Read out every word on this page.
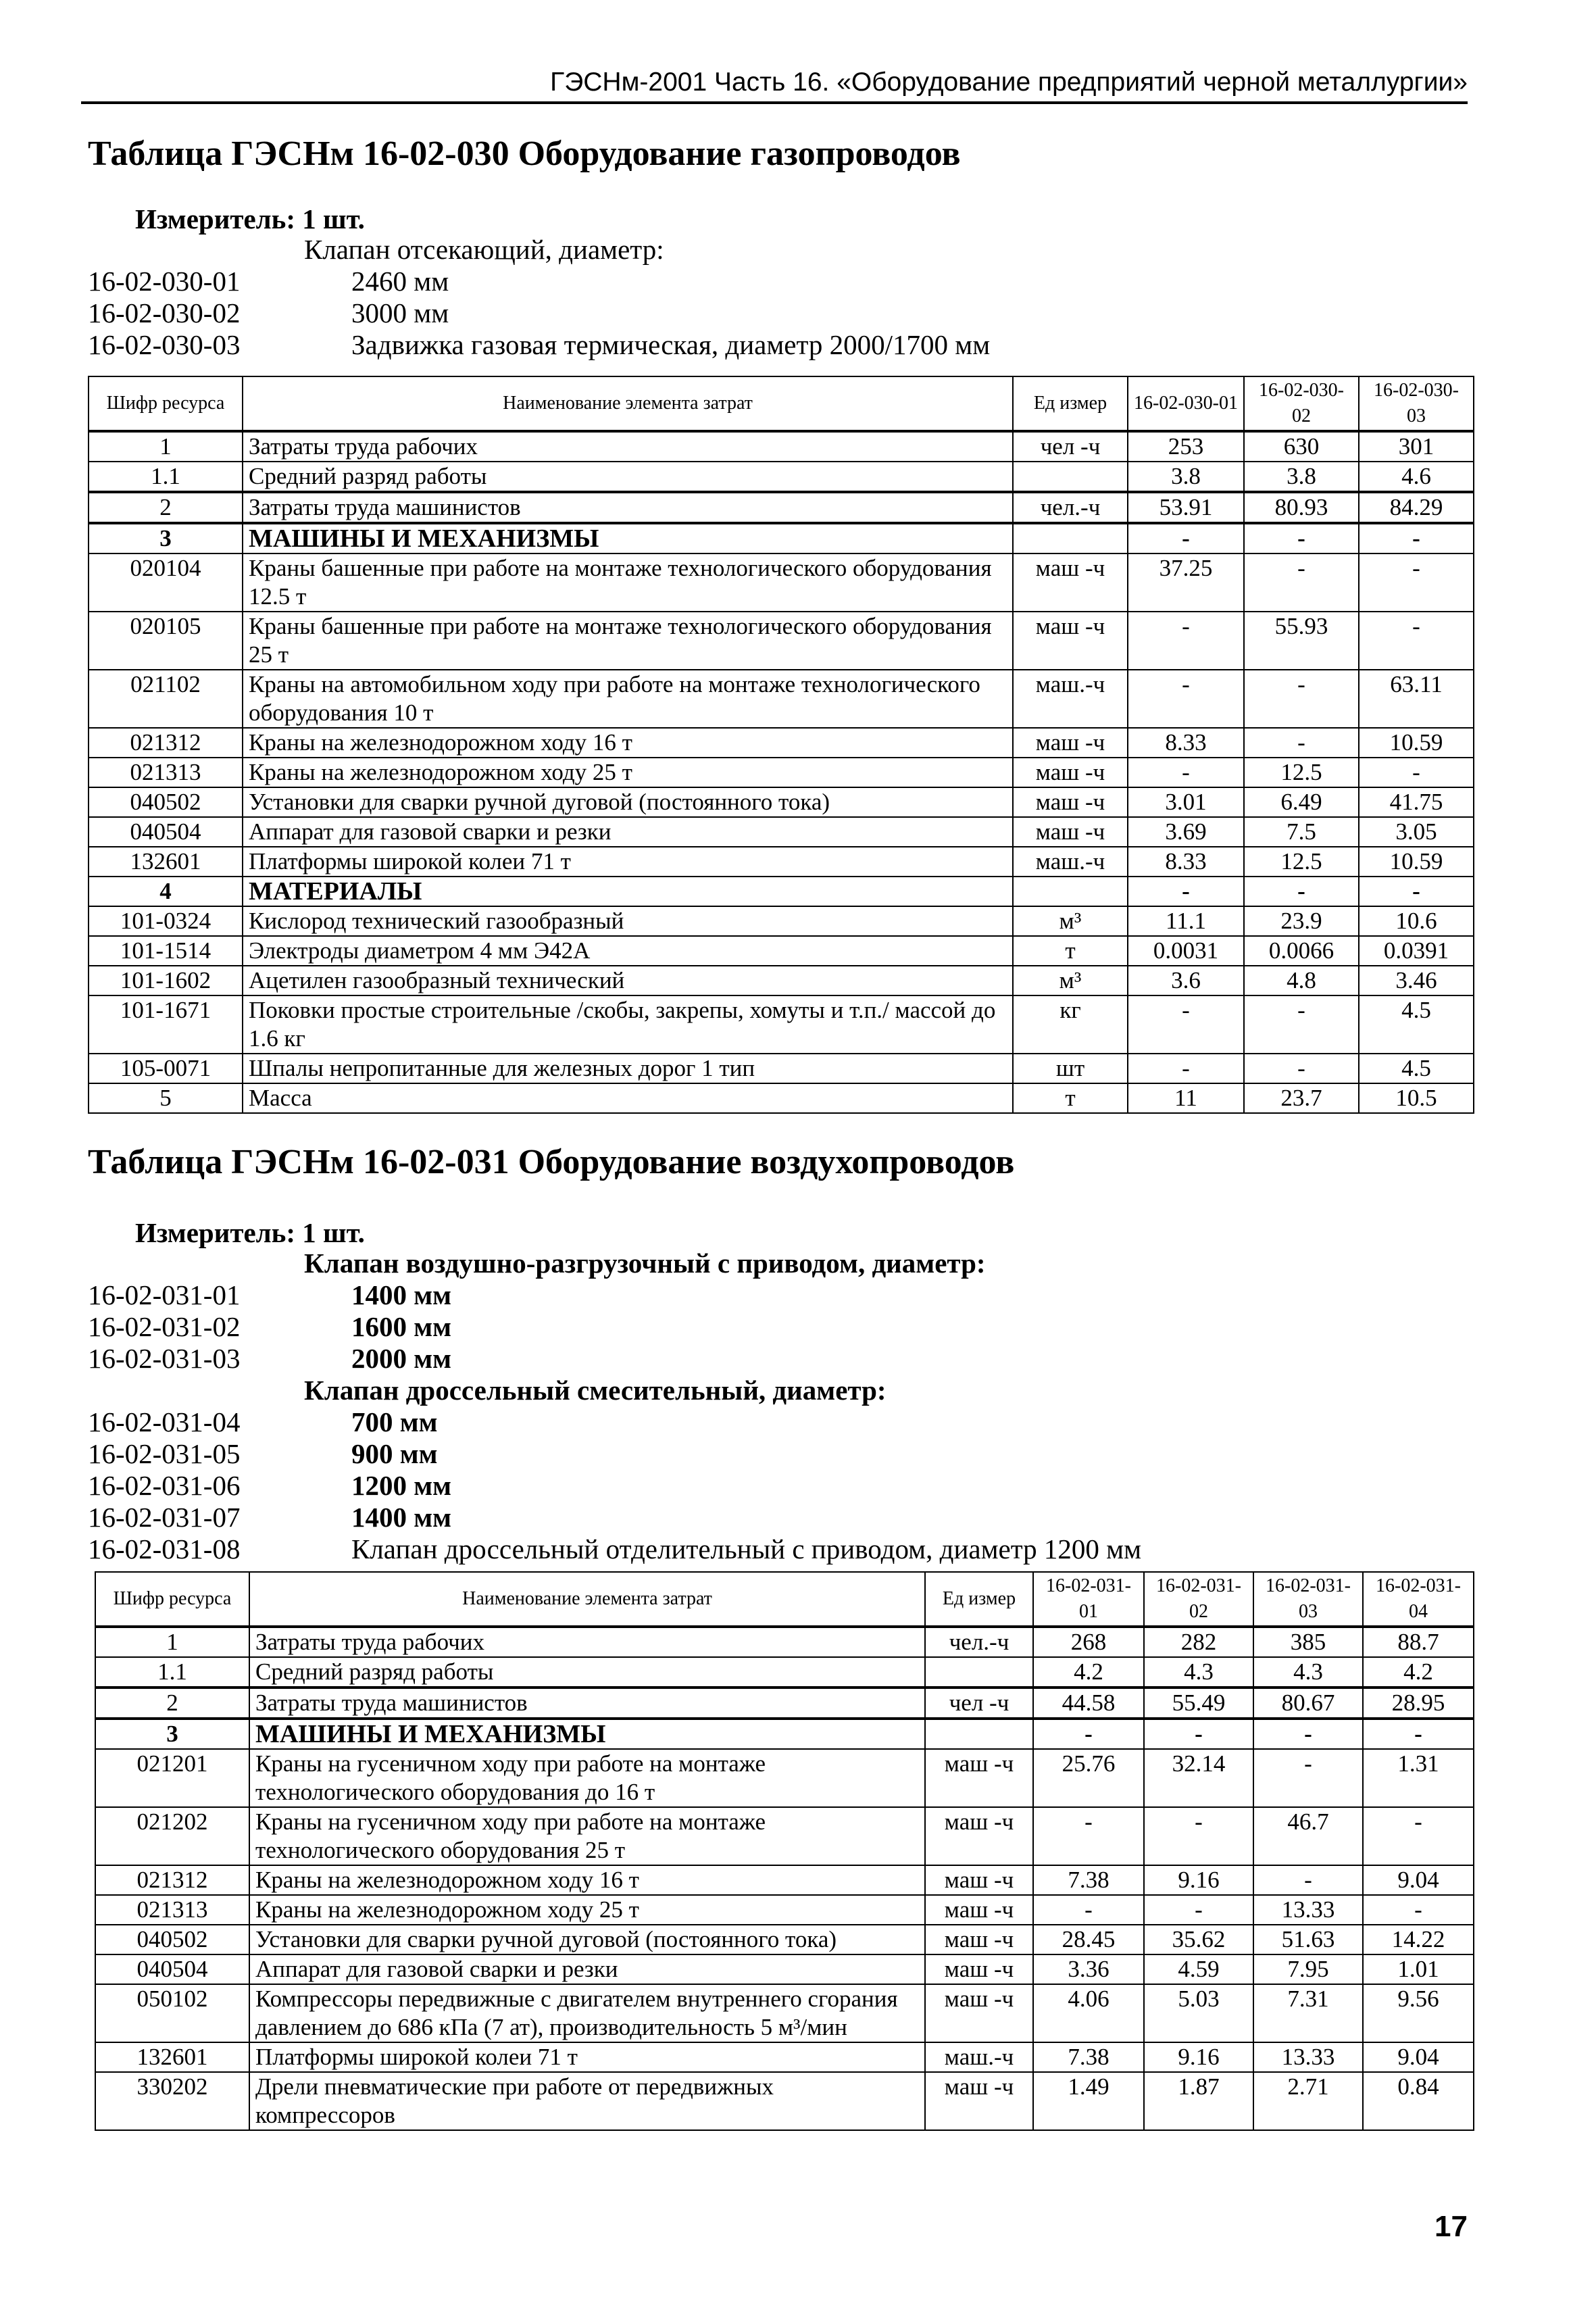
ГЭСНм-2001 Часть 16. «Оборудование предприятий черной металлургии»
Таблица ГЭСНм 16-02-030 Оборудование газопроводов
Измеритель: 1 шт.
Клапан отсекающий, диаметр:
16-02-030-01	2460 мм
16-02-030-02	3000 мм
16-02-030-03	Задвижка газовая термическая, диаметр 2000/1700 мм
Шифр ресурса	Наименование элемента затрат	Ед измер	16-02-030-01	16-02-030-02	16-02-030-03
1	Затраты труда рабочих	чел -ч	253	630	301
1.1	Средний разряд работы		3.8	3.8	4.6
2	Затраты труда машинистов	чел.-ч	53.91	80.93	84.29
3	МАШИНЫ И МЕХАНИЗМЫ		-	-	-
020104	Краны башенные при работе на монтаже технологического оборудования 12.5 т	маш -ч	37.25	-	-
020105	Краны башенные при работе на монтаже технологического оборудования 25 т	маш -ч	-	55.93	-
021102	Краны на автомобильном ходу при работе на монтаже технологического оборудования 10 т	маш.-ч	-	-	63.11
021312	Краны на железнодорожном ходу 16 т	маш -ч	8.33	-	10.59
021313	Краны на железнодорожном ходу 25 т	маш -ч	-	12.5	-
040502	Установки для сварки ручной дуговой (постоянного тока)	маш -ч	3.01	6.49	41.75
040504	Аппарат для газовой сварки и резки	маш -ч	3.69	7.5	3.05
132601	Платформы широкой колеи 71 т	маш.-ч	8.33	12.5	10.59
4	МАТЕРИАЛЫ		-	-	-
101-0324	Кислород технический газообразный	м³	11.1	23.9	10.6
101-1514	Электроды диаметром 4 мм Э42А	т	0.0031	0.0066	0.0391
101-1602	Ацетилен газообразный технический	м³	3.6	4.8	3.46
101-1671	Поковки простые строительные /скобы, закрепы, хомуты и т.п./ массой до 1.6 кг	кг	-	-	4.5
105-0071	Шпалы непропитанные для железных дорог 1 тип	шт	-	-	4.5
5	Масса	т	11	23.7	10.5
Таблица ГЭСНм 16-02-031 Оборудование воздухопроводов
Измеритель: 1 шт.
Клапан воздушно-разгрузочный с приводом, диаметр:
16-02-031-01	1400 мм
16-02-031-02	1600 мм
16-02-031-03	2000 мм
Клапан дроссельный смесительный, диаметр:
16-02-031-04	700 мм
16-02-031-05	900 мм
16-02-031-06	1200 мм
16-02-031-07	1400 мм
16-02-031-08	Клапан дроссельный отделительный с приводом, диаметр 1200 мм
Шифр ресурса	Наименование элемента затрат	Ед измер	16-02-031-01	16-02-031-02	16-02-031-03	16-02-031-04
1	Затраты труда рабочих	чел.-ч	268	282	385	88.7
1.1	Средний разряд работы		4.2	4.3	4.3	4.2
2	Затраты труда машинистов	чел -ч	44.58	55.49	80.67	28.95
3	МАШИНЫ И МЕХАНИЗМЫ		-	-	-	-
021201	Краны на гусеничном ходу при работе на монтаже технологического оборудования до 16 т	маш -ч	25.76	32.14	-	1.31
021202	Краны на гусеничном ходу при работе на монтаже технологического оборудования 25 т	маш -ч	-	-	46.7	-
021312	Краны на железнодорожном ходу 16 т	маш -ч	7.38	9.16	-	9.04
021313	Краны на железнодорожном ходу 25 т	маш -ч	-	-	13.33	-
040502	Установки для сварки ручной дуговой (постоянного тока)	маш -ч	28.45	35.62	51.63	14.22
040504	Аппарат для газовой сварки и резки	маш -ч	3.36	4.59	7.95	1.01
050102	Компрессоры передвижные с двигателем внутреннего сгорания давлением до 686 кПа (7 ат), производительность 5 м³/мин	маш -ч	4.06	5.03	7.31	9.56
132601	Платформы широкой колеи 71 т	маш.-ч	7.38	9.16	13.33	9.04
330202	Дрели пневматические при работе от передвижных компрессоров	маш -ч	1.49	1.87	2.71	0.84
17
